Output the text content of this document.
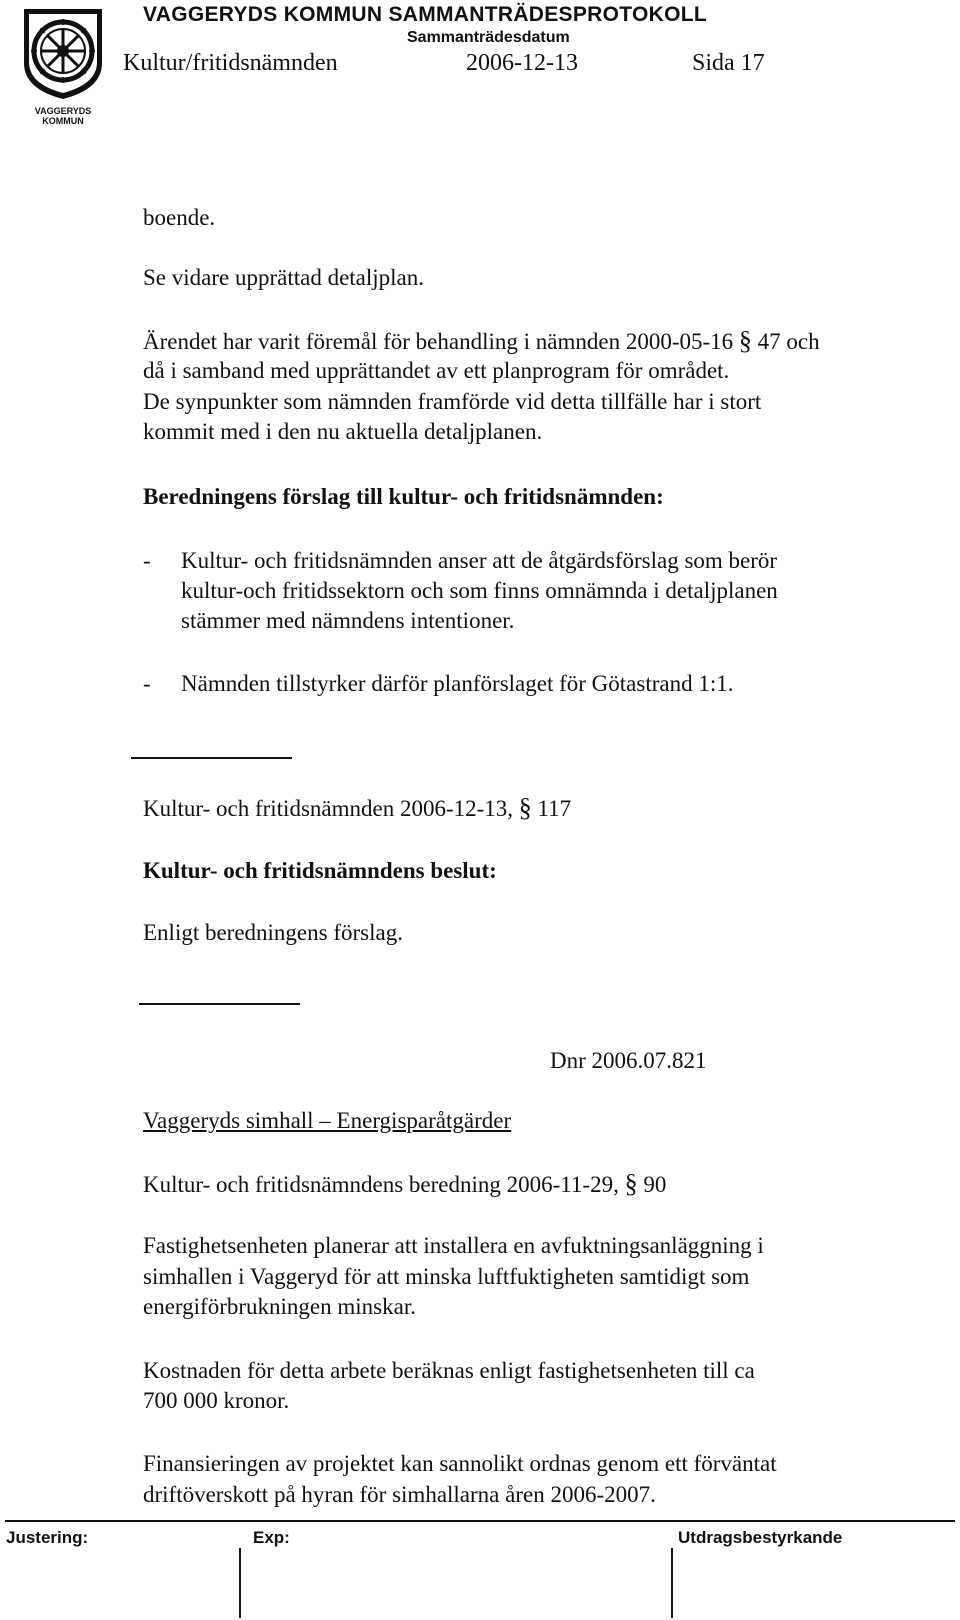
VAGGERYDS
KOMMUN
VAGGERYDS KOMMUN SAMMANTRÄDESPROTOKOLL
Sammanträdesdatum
Kultur/fritidsnämnden	2006-12-13	Sida 17
boende.
Se vidare upprättad detaljplan.
Ärendet har varit föremål för behandling i nämnden 2000-05-16 § 47 och
då i samband med upprättandet av ett planprogram för området.
De synpunkter som nämnden framförde vid detta tillfälle har i stort
kommit med i den nu aktuella detaljplanen.
Beredningens förslag till kultur- och fritidsnämnden:
- Kultur- och fritidsnämnden anser att de åtgärdsförslag som berör
kultur-och fritidssektorn och som finns omnämnda i detaljplanen
stämmer med nämndens intentioner.
- Nämnden tillstyrker därför planförslaget för Götastrand 1:1.
Kultur- och fritidsnämnden 2006-12-13, § 117
Kultur- och fritidsnämndens beslut:
Enligt beredningens förslag.
Dnr 2006.07.821
Vaggeryds simhall – Energisparåtgärder
Kultur- och fritidsnämndens beredning 2006-11-29, § 90
Fastighetsenheten planerar att installera en avfuktningsanläggning i
simhallen i Vaggeryd för att minska luftfuktigheten samtidigt som
energiförbrukningen minskar.
Kostnaden för detta arbete beräknas enligt fastighetsenheten till ca
700 000 kronor.
Finansieringen av projektet kan sannolikt ordnas genom ett förväntat
driftöverskott på hyran för simhallarna åren 2006-2007.
Justering:	Exp:	Utdragsbestyrkande
